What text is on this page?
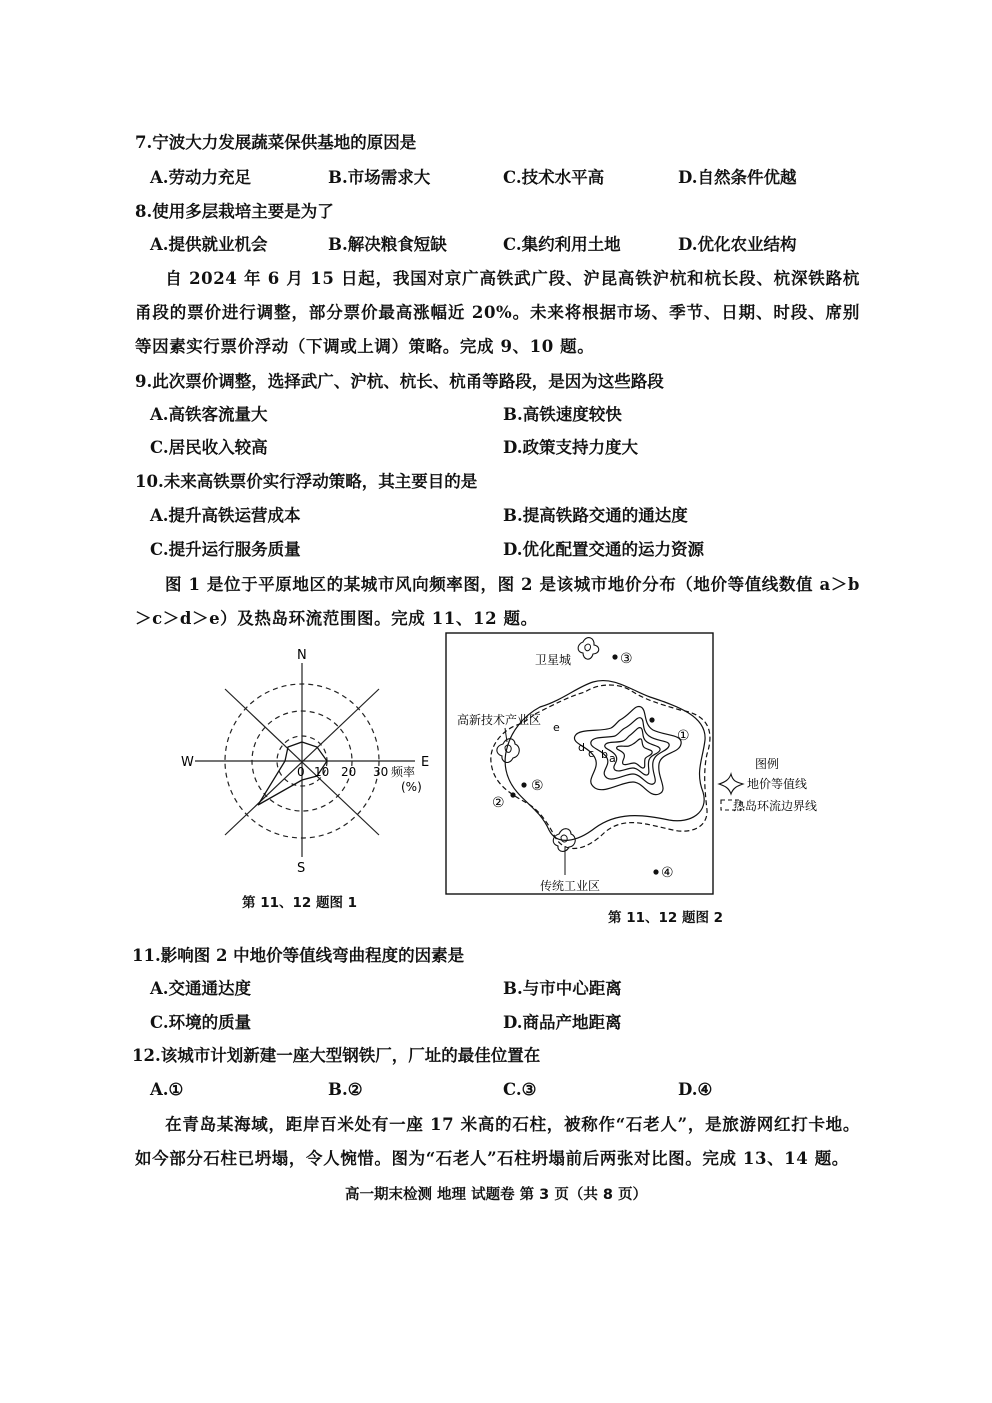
7.宁波大力发展蔬菜保供基地的原因是
A.劳动力充足	B.市场需求大	C.技术水平高	D.自然条件优越
8.使用多层栽培主要是为了
A.提供就业机会	B.解决粮食短缺	C.集约利用土地	D.优化农业结构
自 2024 年 6 月 15 日起，我国对京广高铁武广段、沪昆高铁沪杭和杭长段、杭深铁路杭甬段的票价进行调整，部分票价最高涨幅近 20%。未来将根据市场、季节、日期、时段、席别等因素实行票价浮动（下调或上调）策略。完成 9、10 题。
9.此次票价调整，选择武广、沪杭、杭长、杭甬等路段，是因为这些路段
A.高铁客流量大	B.高铁速度较快
C.居民收入较高	D.政策支持力度大
10.未来高铁票价实行浮动策略，其主要目的是
A.提升高铁运营成本	B.提高铁路交通的通达度
C.提升运行服务质量	D.优化配置交通的运力资源
图 1 是位于平原地区的某城市风向频率图，图 2 是该城市地价分布（地价等值线数值 a＞b＞c＞d＞e）及热岛环流范围图。完成 11、12 题。
N
S
W	E
0 10 20 30 频率
(%)
第 11、12 题图 1
③
卫星城
e
d c b a
高新技术产业区
传统工业区
①
②
④
⑤
图例
地价等值线
热岛环流边界线
第 11、12 题图 2
11.影响图 2 中地价等值线弯曲程度的因素是
A.交通通达度	B.与市中心距离
C.环境的质量	D.商品产地距离
12.该城市计划新建一座大型钢铁厂，厂址的最佳位置在
A.①	B.②	C.③	D.④
在青岛某海域，距岸百米处有一座 17 米高的石柱，被称作“石老人”，是旅游网红打卡地。如今部分石柱已坍塌，令人惋惜。图为“石老人”石柱坍塌前后两张对比图。完成 13、14 题。
高一期末检测 地理 试题卷 第 3 页（共 8 页）
